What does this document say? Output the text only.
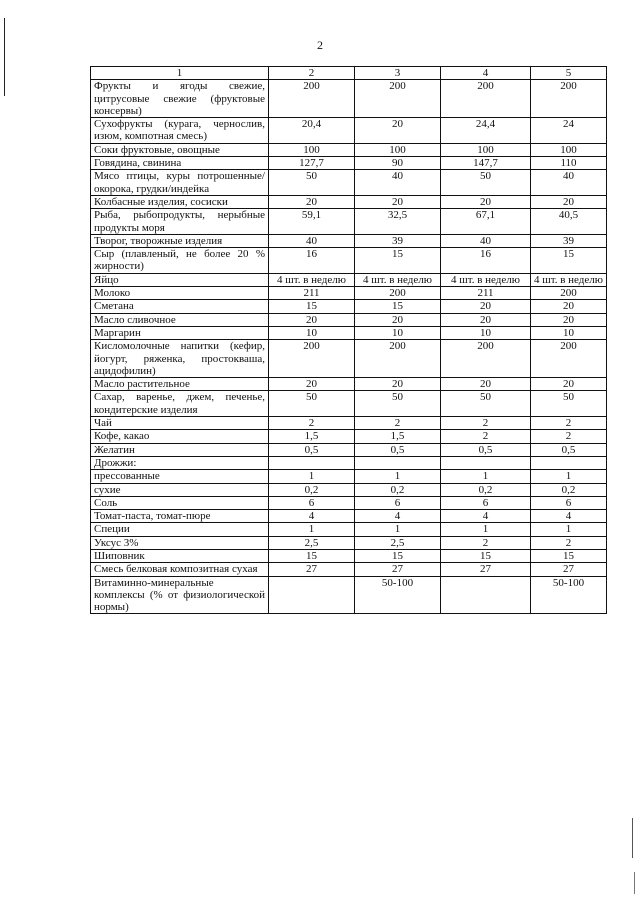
2
1	2	3	4	5
Фрукты и ягоды свежие, цитрусовые свежие (фруктовые консервы)	200	200	200	200
Сухофрукты (курага, чернослив, изюм, компотная смесь)	20,4	20	24,4	24
Соки фруктовые, овощные	100	100	100	100
Говядина, свинина	127,7	90	147,7	110
Мясо птицы, куры потрошенные/окорока, грудки/индейка	50	40	50	40
Колбасные изделия, сосиски	20	20	20	20
Рыба, рыбопродукты, нерыбные продукты моря	59,1	32,5	67,1	40,5
Творог, творожные изделия	40	39	40	39
Сыр (плавленый, не более 20 % жирности)	16	15	16	15
Яйцо	4 шт. в неделю	4 шт. в неделю	4 шт. в неделю	4 шт. в неделю
Молоко	211	200	211	200
Сметана	15	15	20	20
Масло сливочное	20	20	20	20
Маргарин	10	10	10	10
Кисломолочные напитки (кефир, йогурт, ряженка, простокваша, ацидофилин)	200	200	200	200
Масло растительное	20	20	20	20
Сахар, варенье, джем, печенье, кондитерские изделия	50	50	50	50
Чай	2	2	2	2
Кофе, какао	1,5	1,5	2	2
Желатин	0,5	0,5	0,5	0,5
Дрожжи:				
прессованные	1	1	1	1
сухие	0,2	0,2	0,2	0,2
Соль	6	6	6	6
Томат-паста, томат-пюре	4	4	4	4
Специи	1	1	1	1
Уксус 3%	2,5	2,5	2	2
Шиповник	15	15	15	15
Смесь белковая композитная сухая	27	27	27	27
Витаминно-минеральные комплексы (% от физиологической нормы)		50-100		50-100
